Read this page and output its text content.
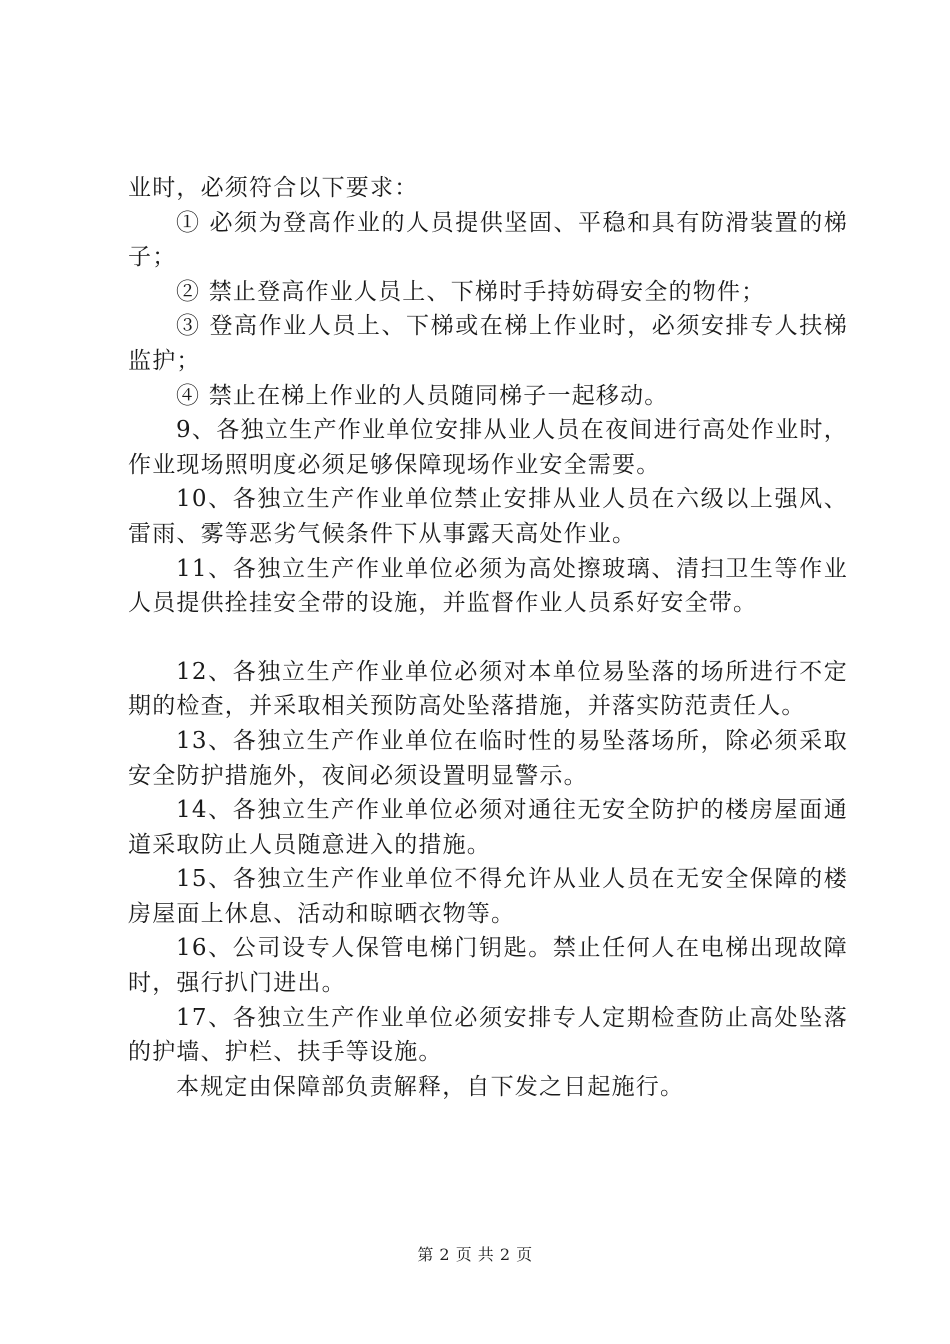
业时，必须符合以下要求：

① 必须为登高作业的人员提供坚固、平稳和具有防滑装置的梯子；

② 禁止登高作业人员上、下梯时手持妨碍安全的物件；

③ 登高作业人员上、下梯或在梯上作业时，必须安排专人扶梯监护；

④ 禁止在梯上作业的人员随同梯子一起移动。

9、各独立生产作业单位安排从业人员在夜间进行高处作业时，作业现场照明度必须足够保障现场作业安全需要。

10、各独立生产作业单位禁止安排从业人员在六级以上强风、雷雨、雾等恶劣气候条件下从事露天高处作业。

11、各独立生产作业单位必须为高处擦玻璃、清扫卫生等作业人员提供拴挂安全带的设施，并监督作业人员系好安全带。

12、各独立生产作业单位必须对本单位易坠落的场所进行不定期的检查，并采取相关预防高处坠落措施，并落实防范责任人。

13、各独立生产作业单位在临时性的易坠落场所，除必须采取安全防护措施外，夜间必须设置明显警示。

14、各独立生产作业单位必须对通往无安全防护的楼房屋面通道采取防止人员随意进入的措施。

15、各独立生产作业单位不得允许从业人员在无安全保障的楼房屋面上休息、活动和晾晒衣物等。

16、公司设专人保管电梯门钥匙。禁止任何人在电梯出现故障时，强行扒门进出。

17、各独立生产作业单位必须安排专人定期检查防止高处坠落的护墙、护栏、扶手等设施。

本规定由保障部负责解释，自下发之日起施行。

第 2 页 共 2 页
